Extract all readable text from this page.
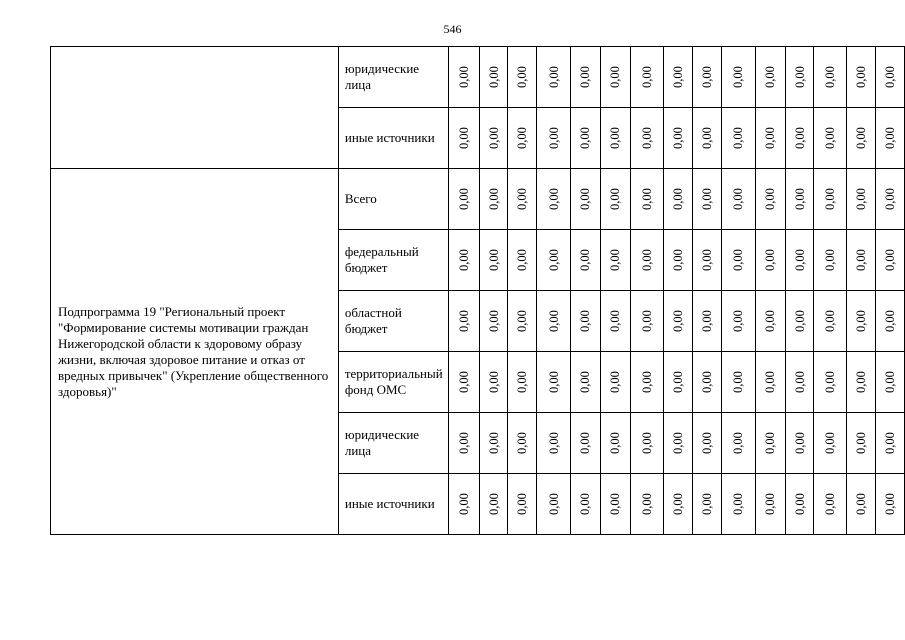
546
	юридические лица	0,00	0,00	0,00	0,00	0,00	0,00	0,00	0,00	0,00	0,00	0,00	0,00	0,00	0,00	0,00

	иные источники	0,00	0,00	0,00	0,00	0,00	0,00	0,00	0,00	0,00	0,00	0,00	0,00	0,00	0,00	0,00

Подпрограмма 19 "Региональный проект "Формирование системы мотивации граждан Нижегородской области к здоровому образу жизни, включая здоровое питание и отказ от вредных привычек" (Укрепление общественного здоровья)"	Всего	0,00	0,00	0,00	0,00	0,00	0,00	0,00	0,00	0,00	0,00	0,00	0,00	0,00	0,00	0,00

	федеральный бюджет	0,00	0,00	0,00	0,00	0,00	0,00	0,00	0,00	0,00	0,00	0,00	0,00	0,00	0,00	0,00

	областной бюджет	0,00	0,00	0,00	0,00	0,00	0,00	0,00	0,00	0,00	0,00	0,00	0,00	0,00	0,00	0,00

	территориальный фонд ОМС	0,00	0,00	0,00	0,00	0,00	0,00	0,00	0,00	0,00	0,00	0,00	0,00	0,00	0,00	0,00

	юридические лица	0,00	0,00	0,00	0,00	0,00	0,00	0,00	0,00	0,00	0,00	0,00	0,00	0,00	0,00	0,00

	иные источники	0,00	0,00	0,00	0,00	0,00	0,00	0,00	0,00	0,00	0,00	0,00	0,00	0,00	0,00	0,00
